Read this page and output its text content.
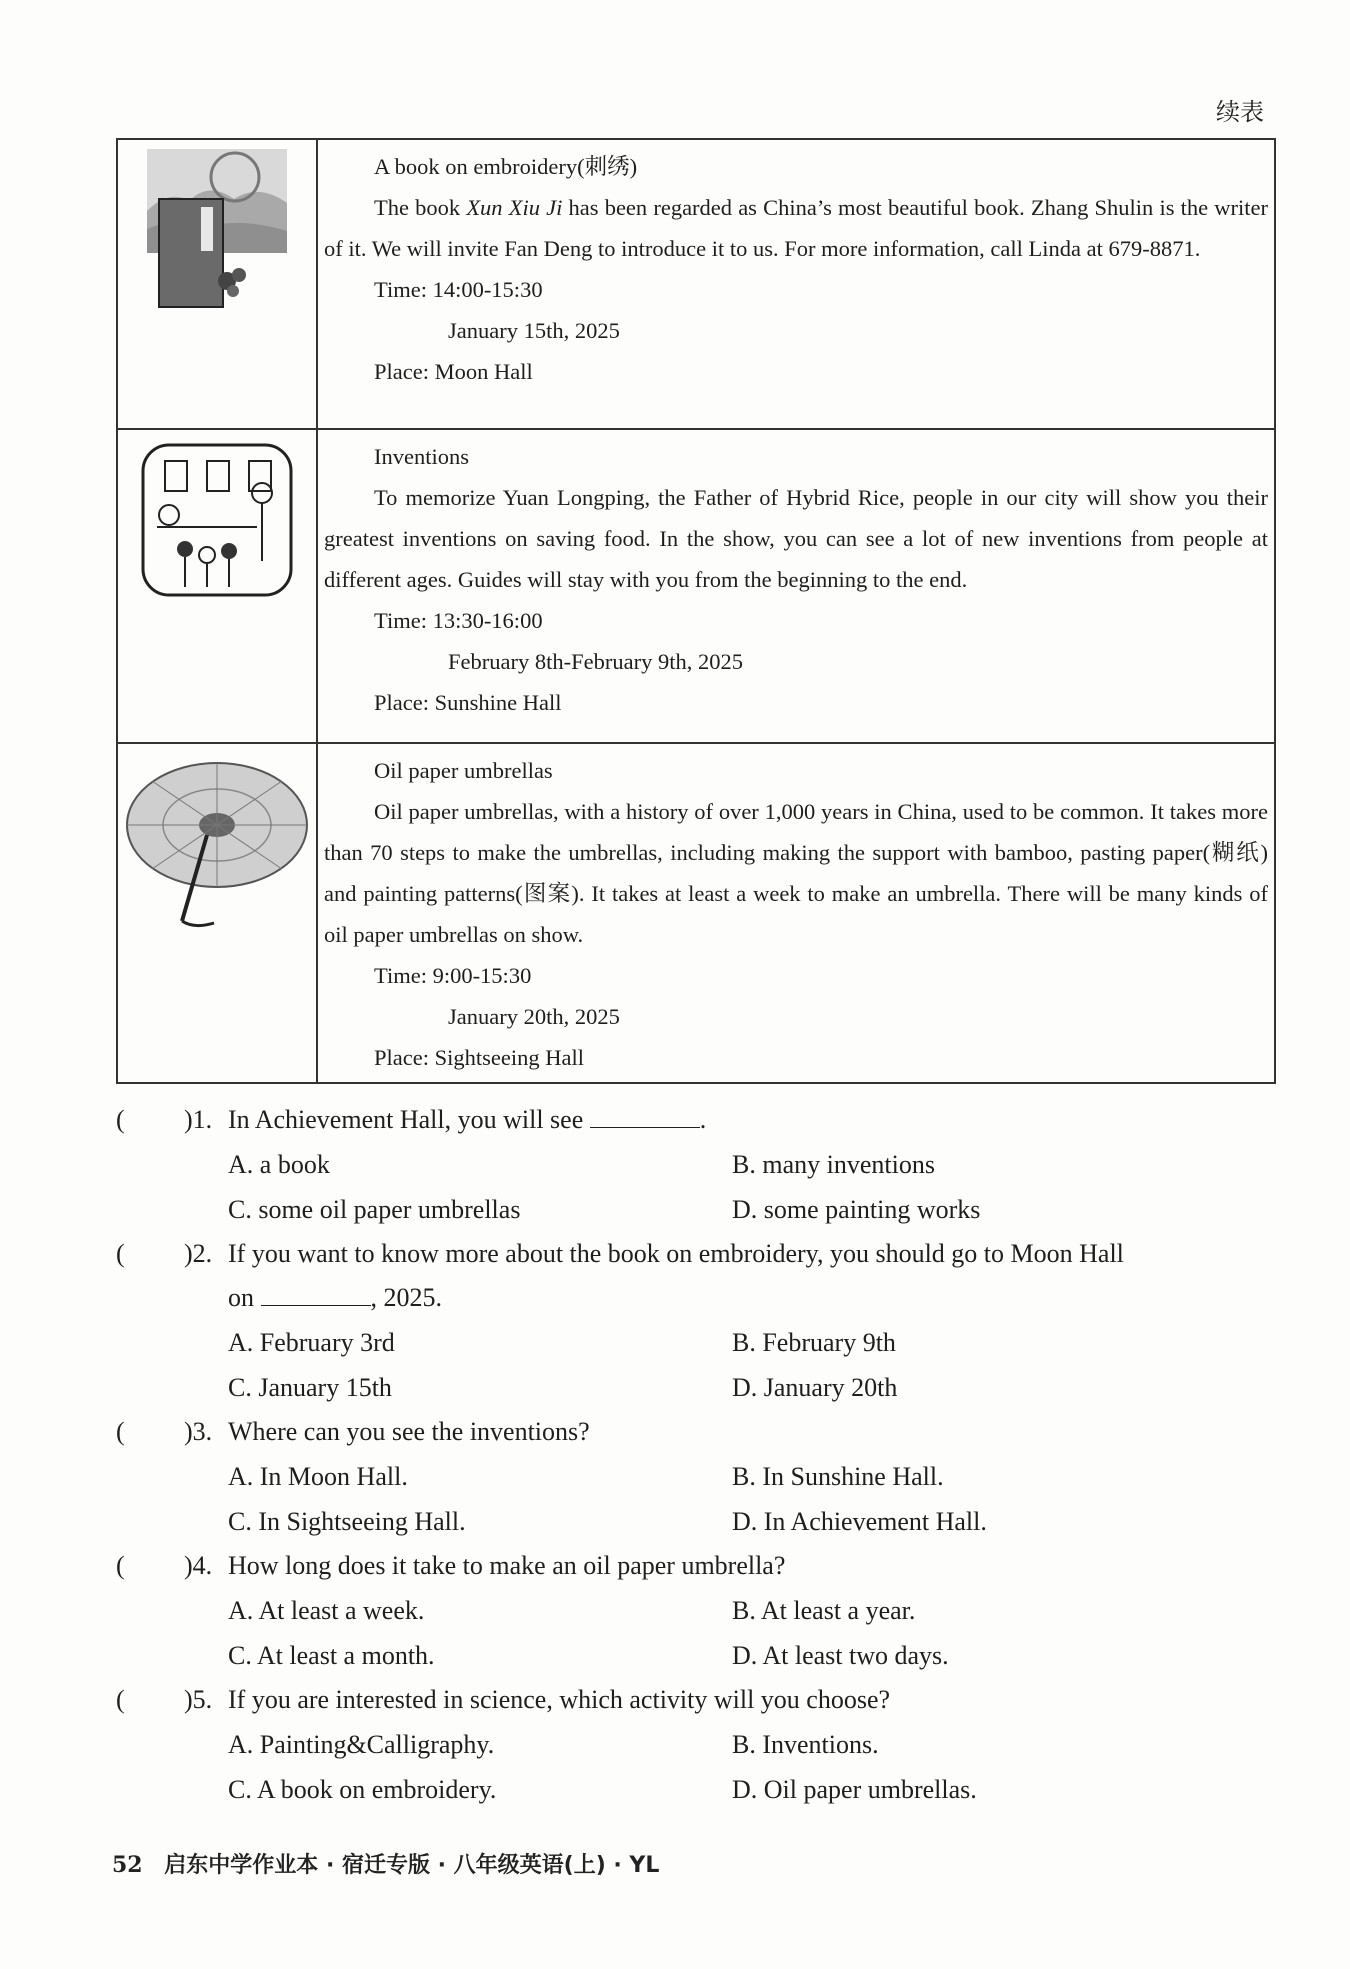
续表

A book on embroidery(刺绣)
The book Xun Xiu Ji has been regarded as China’s most beautiful book. Zhang Shulin is the writer of it. We will invite Fan Deng to introduce it to us. For more information, call Linda at 679-8871.
Time: 14:00-15:30
January 15th, 2025
Place: Moon Hall

Inventions
To memorize Yuan Longping, the Father of Hybrid Rice, people in our city will show you their greatest inventions on saving food. In the show, you can see a lot of new inventions from people at different ages. Guides will stay with you from the beginning to the end.
Time: 13:30-16:00
February 8th-February 9th, 2025
Place: Sunshine Hall

Oil paper umbrellas
Oil paper umbrellas, with a history of over 1,000 years in China, used to be common. It takes more than 70 steps to make the umbrellas, including making the support with bamboo, pasting paper(糊纸) and painting patterns(图案). It takes at least a week to make an umbrella. There will be many kinds of oil paper umbrellas on show.
Time: 9:00-15:30
January 20th, 2025
Place: Sightseeing Hall
( )1. In Achievement Hall, you will see	.
A. a book	B. many inventions
C. some oil paper umbrellas	D. some painting works
( )2. If you want to know more about the book on embroidery, you should go to Moon Hall
on	, 2025.
A. February 3rd	B. February 9th
C. January 15th	D. January 20th
( )3. Where can you see the inventions?
A. In Moon Hall.	B. In Sunshine Hall.
C. In Sightseeing Hall.	D. In Achievement Hall.
( )4. How long does it take to make an oil paper umbrella?
A. At least a week.	B. At least a year.
C. At least a month.	D. At least two days.
( )5. If you are interested in science, which activity will you choose?
A. Painting&Calligraphy.	B. Inventions.
C. A book on embroidery.	D. Oil paper umbrellas.
52 启东中学作业本 · 宿迁专版 · 八年级英语(上) · YL
